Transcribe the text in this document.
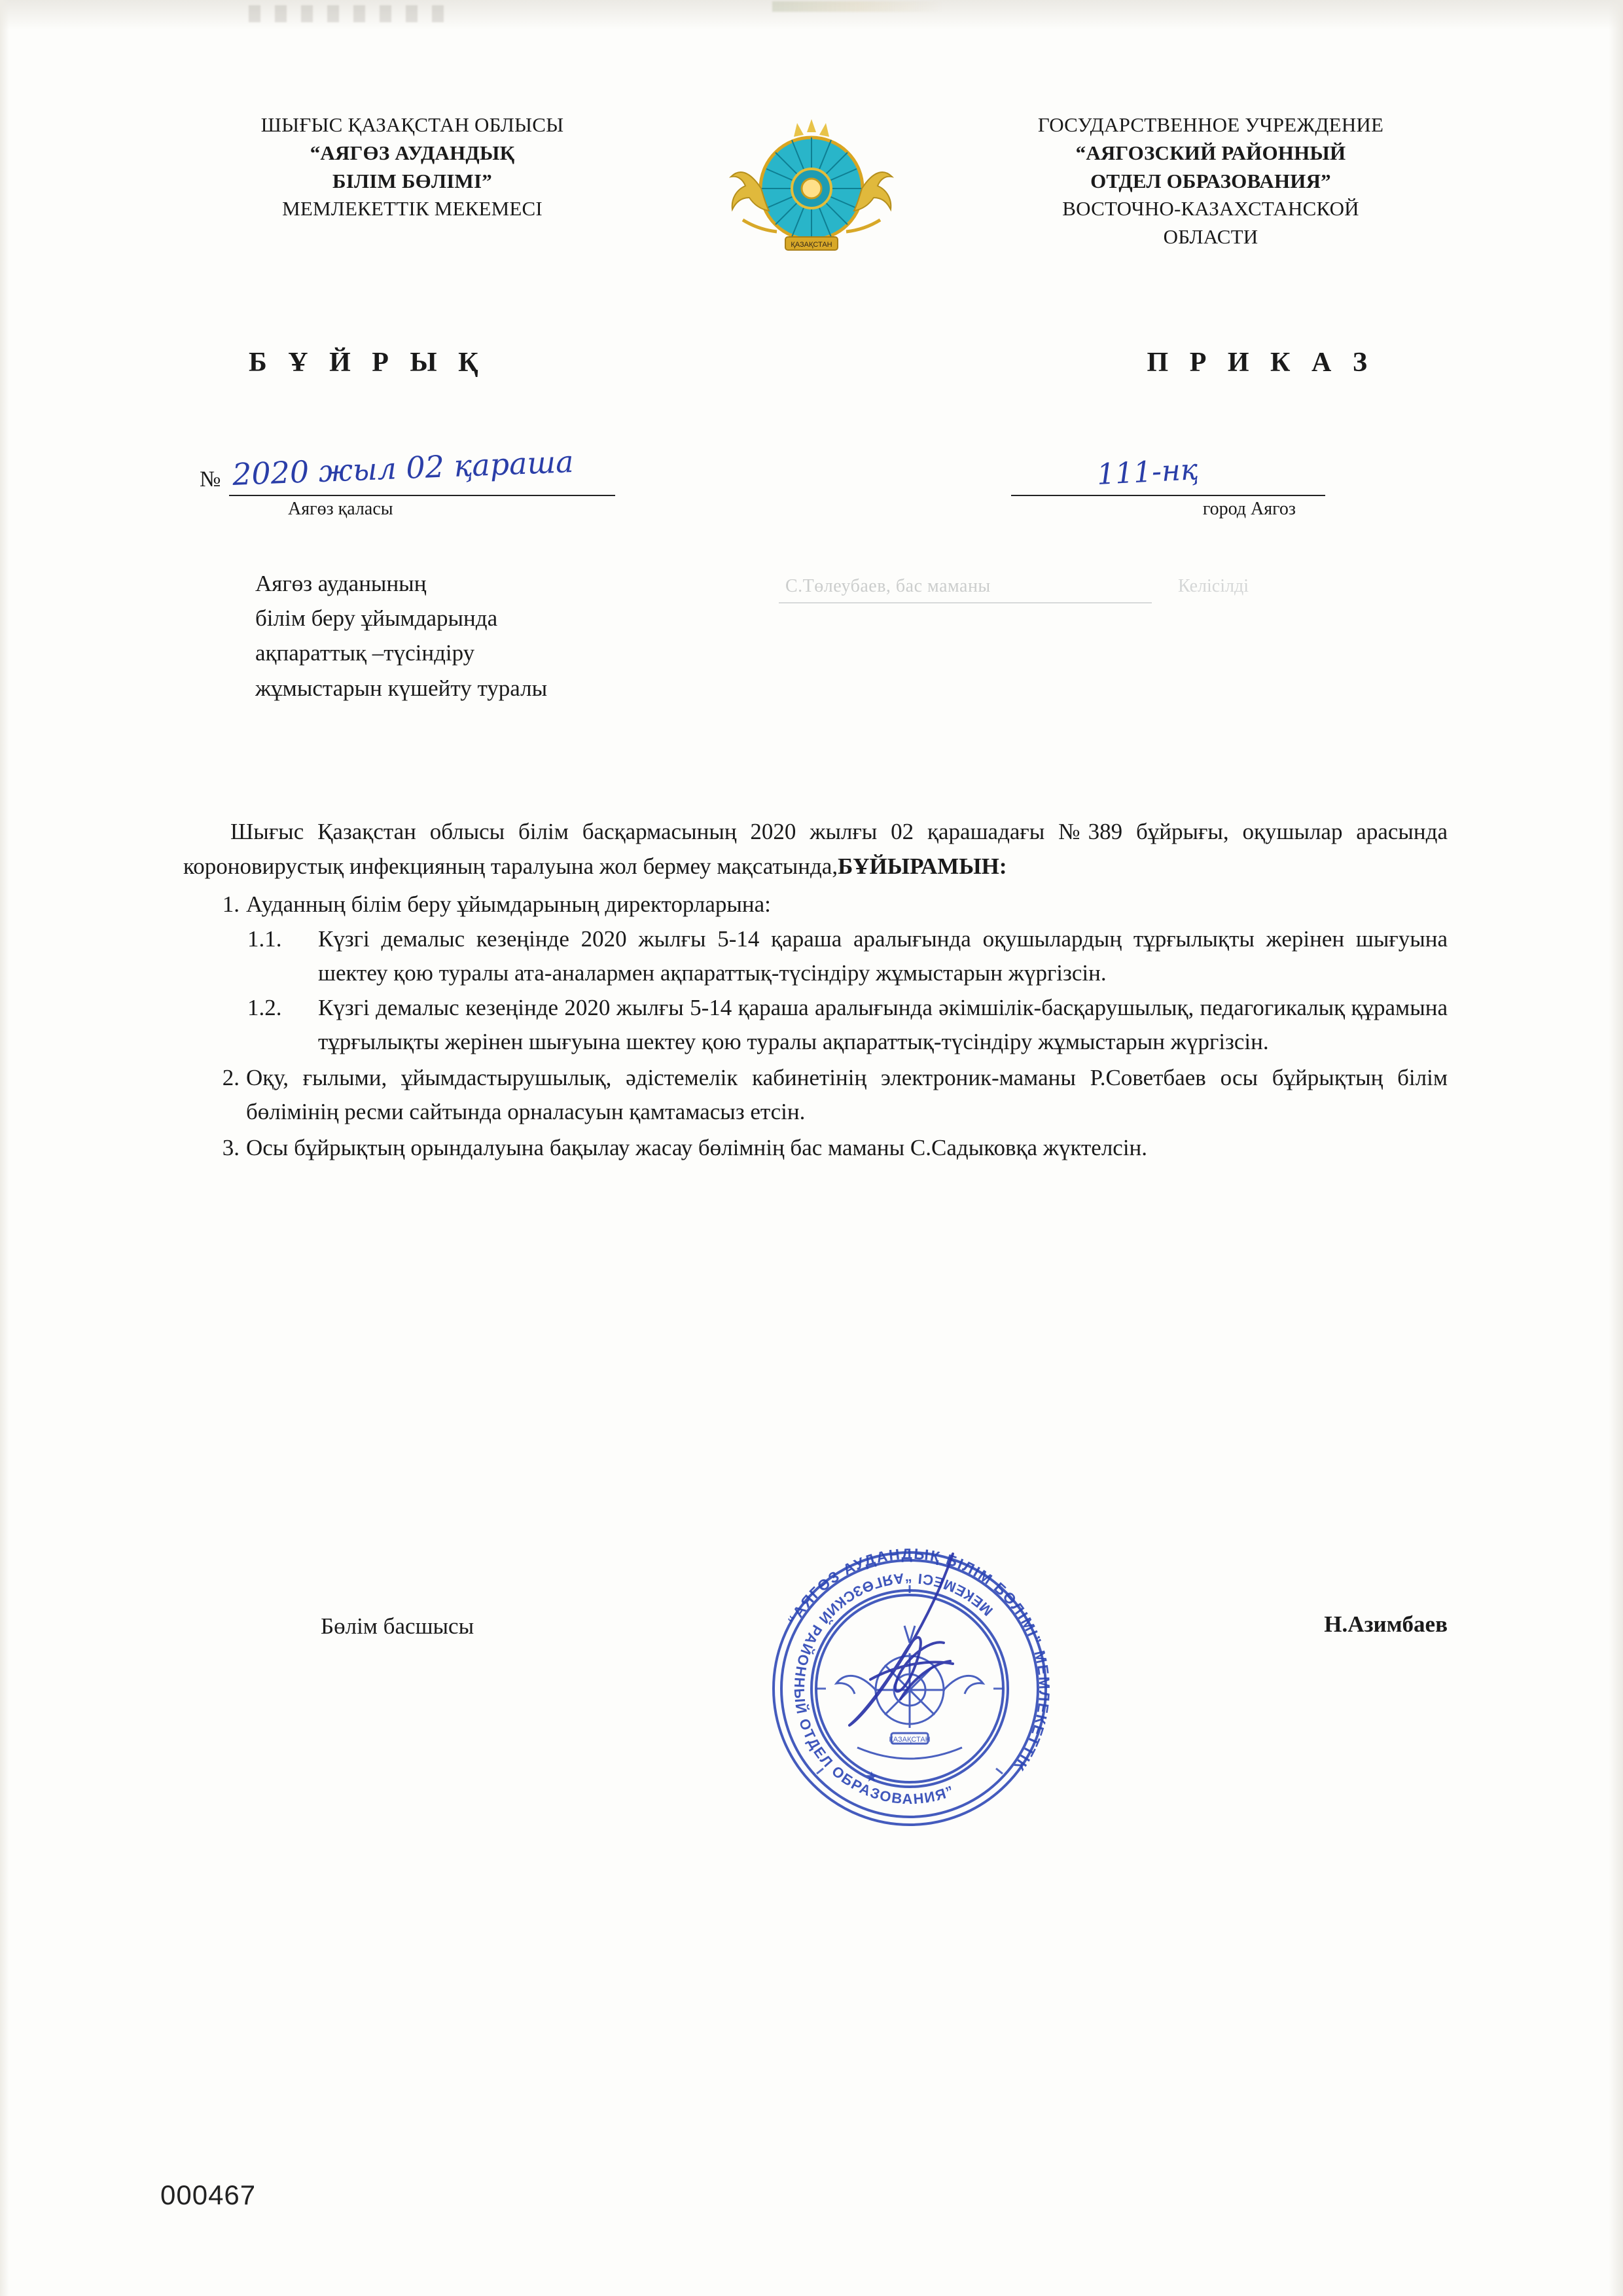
ШЫҒЫС ҚАЗАҚСТАН ОБЛЫСЫ
“АЯГӨЗ АУДАНДЫҚ
БІЛІМ БӨЛІМІ”
МЕМЛЕКЕТТІК МЕКЕМЕСІ
ҚАЗАҚСТАН
ГОСУДАРСТВЕННОЕ УЧРЕЖДЕНИЕ
“АЯГОЗСКИЙ РАЙОННЫЙ
ОТДЕЛ ОБРАЗОВАНИЯ”
ВОСТОЧНО-КАЗАХСТАНСКОЙ
ОБЛАСТИ
Б Ұ Й Р Ы Қ	П Р И К А З
№ 2020 жыл 02 қараша
Аягөз қаласы
111-нқ
город Аягоз
С.Төлеубаев, бас маманы	Келісілді
Аягөз ауданының
білім беру ұйымдарында
ақпараттық –түсіндіру
жұмыстарын күшейту туралы

Шығыс Қазақстан облысы білім басқармасының 2020 жылғы 02 қарашадағы №389 бұйрығы, оқушылар арасында короновирустық инфекцияның таралуына жол бермеу мақсатында,БҰЙЫРАМЫН:

Ауданның білім беру ұйымдарының директорларына:
Күзгі демалыс кезеңінде 2020 жылғы 5-14 қараша аралығында оқушылардың тұрғылықты жерінен шығуына шектеу қою туралы ата-аналармен ақпараттық-түсіндіру жұмыстарын жүргізсін.
Күзгі демалыс кезеңінде 2020 жылғы 5-14 қараша аралығында әкімшілік-басқарушылық, педагогикалық құрамына тұрғылықты жерінен шығуына шектеу қою туралы ақпараттық-түсіндіру жұмыстарын жүргізсін.
Оқу, ғылыми, ұйымдастырушылық, әдістемелік кабинетінің электроник-маманы Р.Советбаев осы бұйрықтың білім бөлімінің ресми сайтында орналасуын қамтамасыз етсін.
Осы бұйрықтың орындалуына бақылау жасау бөлімнің бас маманы С.Садыковқа жүктелсін.
Бөлім басшысы	Н.Азимбаев
“АЯГӨЗ АУДАНДЫҚ БІЛІМ БӨЛІМІ” МЕМЛЕКЕТТІК
МЕКЕМЕСІ “АЯГӨЗСКИЙ РАЙОННЫЙ ОТДЕЛ ОБРАЗОВАНИЯ”
ҚАЗАҚСТАН
★
000467
